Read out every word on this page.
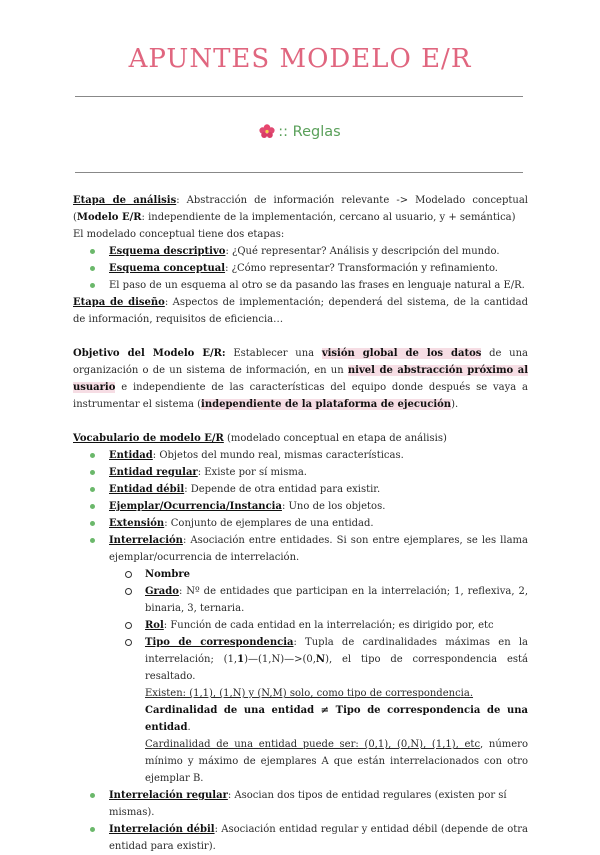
APUNTES MODELO E/R
:: Reglas

Etapa de análisis: Abstracción de información relevante -> Modelado conceptual (Modelo E/R: independiente de la implementación, cercano al usuario, y + semántica)

El modelado conceptual tiene dos etapas:

Esquema descriptivo: ¿Qué representar? Análisis y descripción del mundo.
Esquema conceptual: ¿Cómo representar? Transformación y refinamiento.
El paso de un esquema al otro se da pasando las frases en lenguaje natural a E/R.

Etapa de diseño: Aspectos de implementación; dependerá del sistema, de la cantidad de información, requisitos de eficiencia…

Objetivo del Modelo E/R: Establecer una visión global de los datos de una organización o de un sistema de información, en un nivel de abstracción próximo al usuario e independiente de las características del equipo donde después se vaya a instrumentar el sistema (independiente de la plataforma de ejecución).

Vocabulario de modelo E/R (modelado conceptual en etapa de análisis)

Entidad: Objetos del mundo real, mismas características.
Entidad regular: Existe por sí misma.
Entidad débil: Depende de otra entidad para existir.
Ejemplar/Ocurrencia/Instancia: Uno de los objetos.
Extensión: Conjunto de ejemplares de una entidad.
Interrelación: Asociación entre entidades. Si son entre ejemplares, se les llama ejemplar/ocurrencia de interrelación.
Nombre
Grado: Nº de entidades que participan en la interrelación; 1, reflexiva, 2, binaria, 3, ternaria.
Rol: Función de cada entidad en la interrelación; es dirigido por, etc
Tipo de correspondencia: Tupla de cardinalidades máximas en la interrelación; (1,1)—(1,N)—>(0,N), el tipo de correspondencia está resaltado.
Existen: (1,1), (1,N) y (N,M) solo, como tipo de correspondencia.
Cardinalidad de una entidad ≠ Tipo de correspondencia de una entidad.
Cardinalidad de una entidad puede ser: (0,1), (0,N), (1,1), etc, número mínimo y máximo de ejemplares A que están interrelacionados con otro ejemplar B.
Interrelación regular: Asocian dos tipos de entidad regulares (existen por sí mismas).
Interrelación débil: Asociación entidad regular y entidad débil (depende de otra entidad para existir).
